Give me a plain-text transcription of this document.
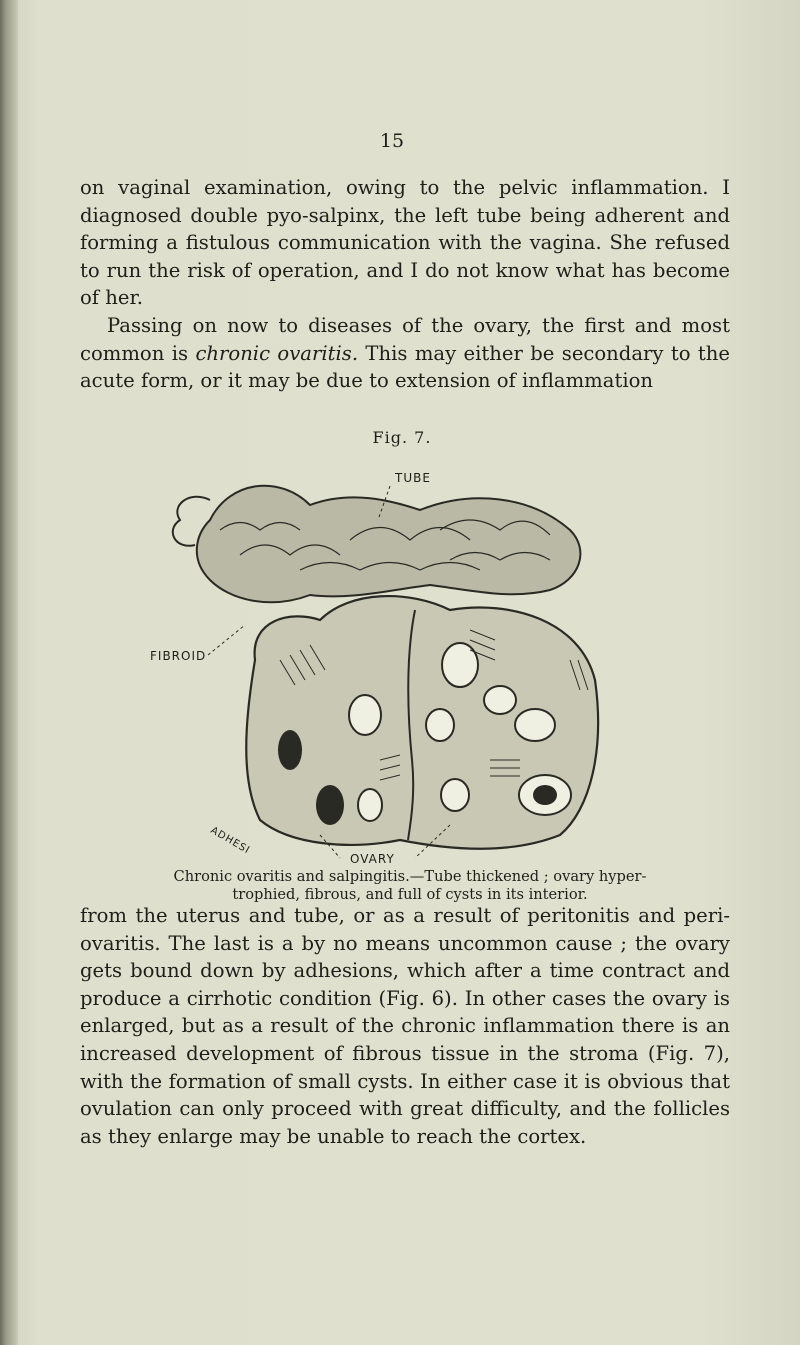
15

on vaginal examination, owing to the pelvic inflammation. I diagnosed double pyo-salpinx, the left tube being adherent and forming a fistulous communication with the vagina. She refused to run the risk of operation, and I do not know what has become of her.

Passing on now to diseases of the ovary, the first and most common is chronic ovaritis. This may either be secondary to the acute form, or it may be due to extension of inflammation

Fig. 7.
TUBE
FIBROID
ADHESI
OVARY

Chronic ovaritis and salpingitis.—Tube thickened ; ovary hyper-
trophied, fibrous, and full of cysts in its interior.

from the uterus and tube, or as a result of peritonitis and peri-ovaritis. The last is a by no means uncommon cause ; the ovary gets bound down by adhesions, which after a time contract and produce a cirrhotic condition (Fig. 6). In other cases the ovary is enlarged, but as a result of the chronic inflammation there is an increased development of fibrous tissue in the stroma (Fig. 7), with the formation of small cysts. In either case it is obvious that ovulation can only proceed with great difficulty, and the follicles as they enlarge may be unable to reach the cortex.
